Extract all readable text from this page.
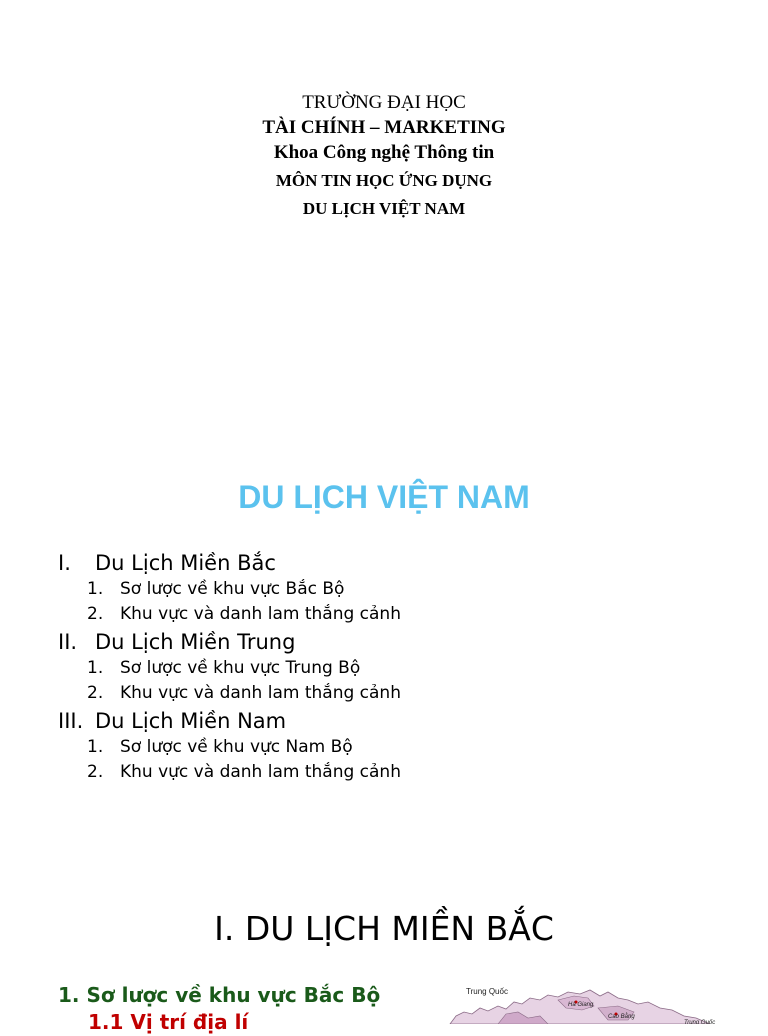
TRƯỜNG ĐẠI HỌC
TÀI CHÍNH – MARKETING
Khoa Công nghệ Thông tin
MÔN TIN HỌC ỨNG DỤNG
DU LỊCH VIỆT NAM
DU LỊCH VIỆT NAM
I.	Du Lịch Miền Bắc
1. Sơ lược về khu vực Bắc Bộ
2. Khu vực và danh lam thắng cảnh
II. Du Lịch Miền Trung
1. Sơ lược về khu vực Trung Bộ
2. Khu vực và danh lam thắng cảnh
III. Du Lịch Miền Nam
1. Sơ lược về khu vực Nam Bộ
2. Khu vực và danh lam thắng cảnh
I. DU LỊCH MIỀN BẮC
1. Sơ lược về khu vực Bắc Bộ
1.1 Vị trí địa lí
Trung Quốc
Hà Giang
Cao Bằng
Trung Quốc
